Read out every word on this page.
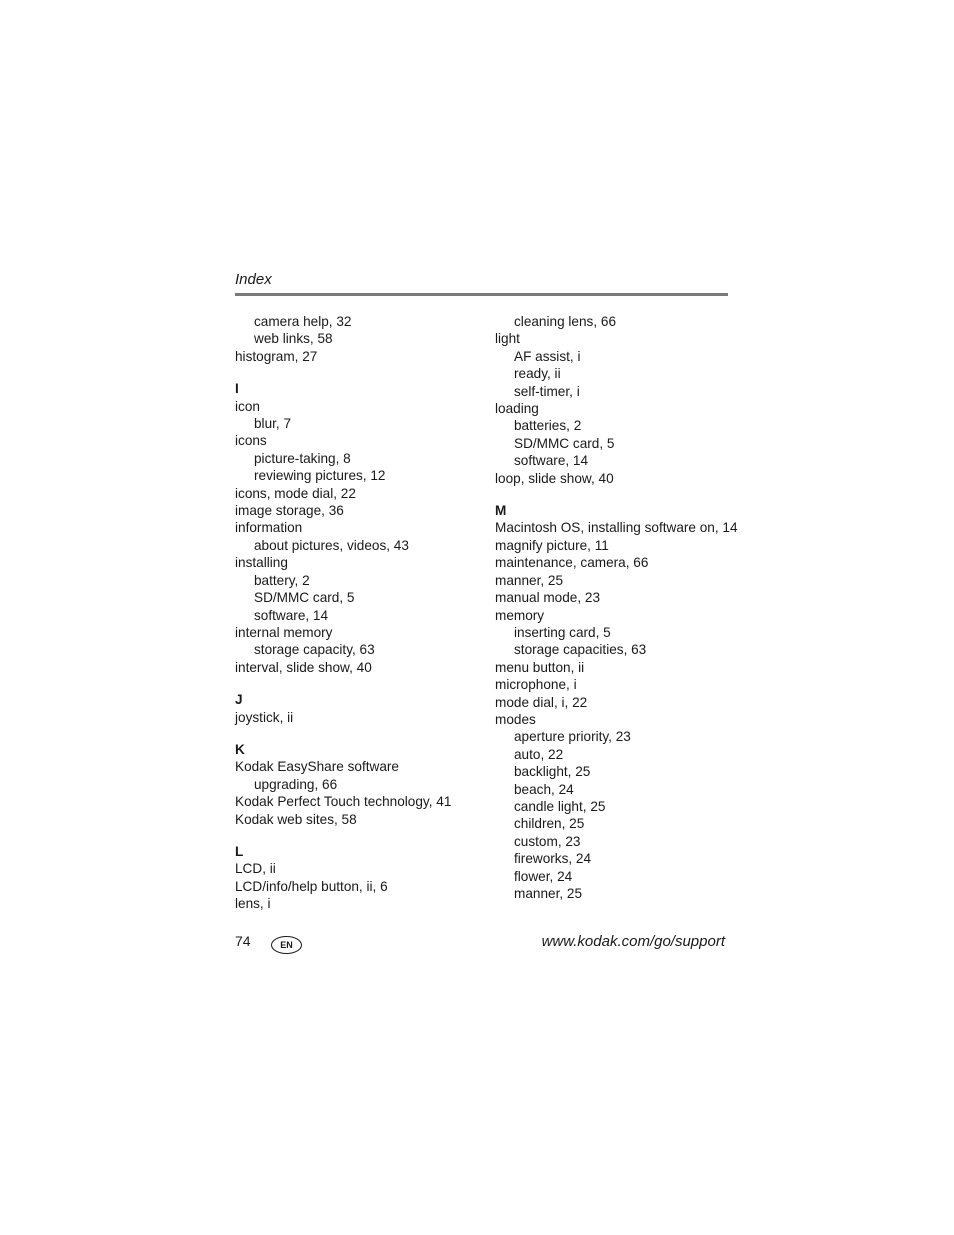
Index
camera help, 32
web links, 58
histogram, 27
I
icon
blur, 7
icons
picture-taking, 8
reviewing pictures, 12
icons, mode dial, 22
image storage, 36
information
about pictures, videos, 43
installing
battery, 2
SD/MMC card, 5
software, 14
internal memory
storage capacity, 63
interval, slide show, 40
J
joystick, ii
K
Kodak EasyShare software
upgrading, 66
Kodak Perfect Touch technology, 41
Kodak web sites, 58
L
LCD, ii
LCD/info/help button, ii, 6
lens, i
cleaning lens, 66
light
AF assist, i
ready, ii
self-timer, i
loading
batteries, 2
SD/MMC card, 5
software, 14
loop, slide show, 40
M
Macintosh OS, installing software on, 14
magnify picture, 11
maintenance, camera, 66
manner, 25
manual mode, 23
memory
inserting card, 5
storage capacities, 63
menu button, ii
microphone, i
mode dial, i, 22
modes
aperture priority, 23
auto, 22
backlight, 25
beach, 24
candle light, 25
children, 25
custom, 23
fireworks, 24
flower, 24
manner, 25
74	EN	www.kodak.com/go/support
